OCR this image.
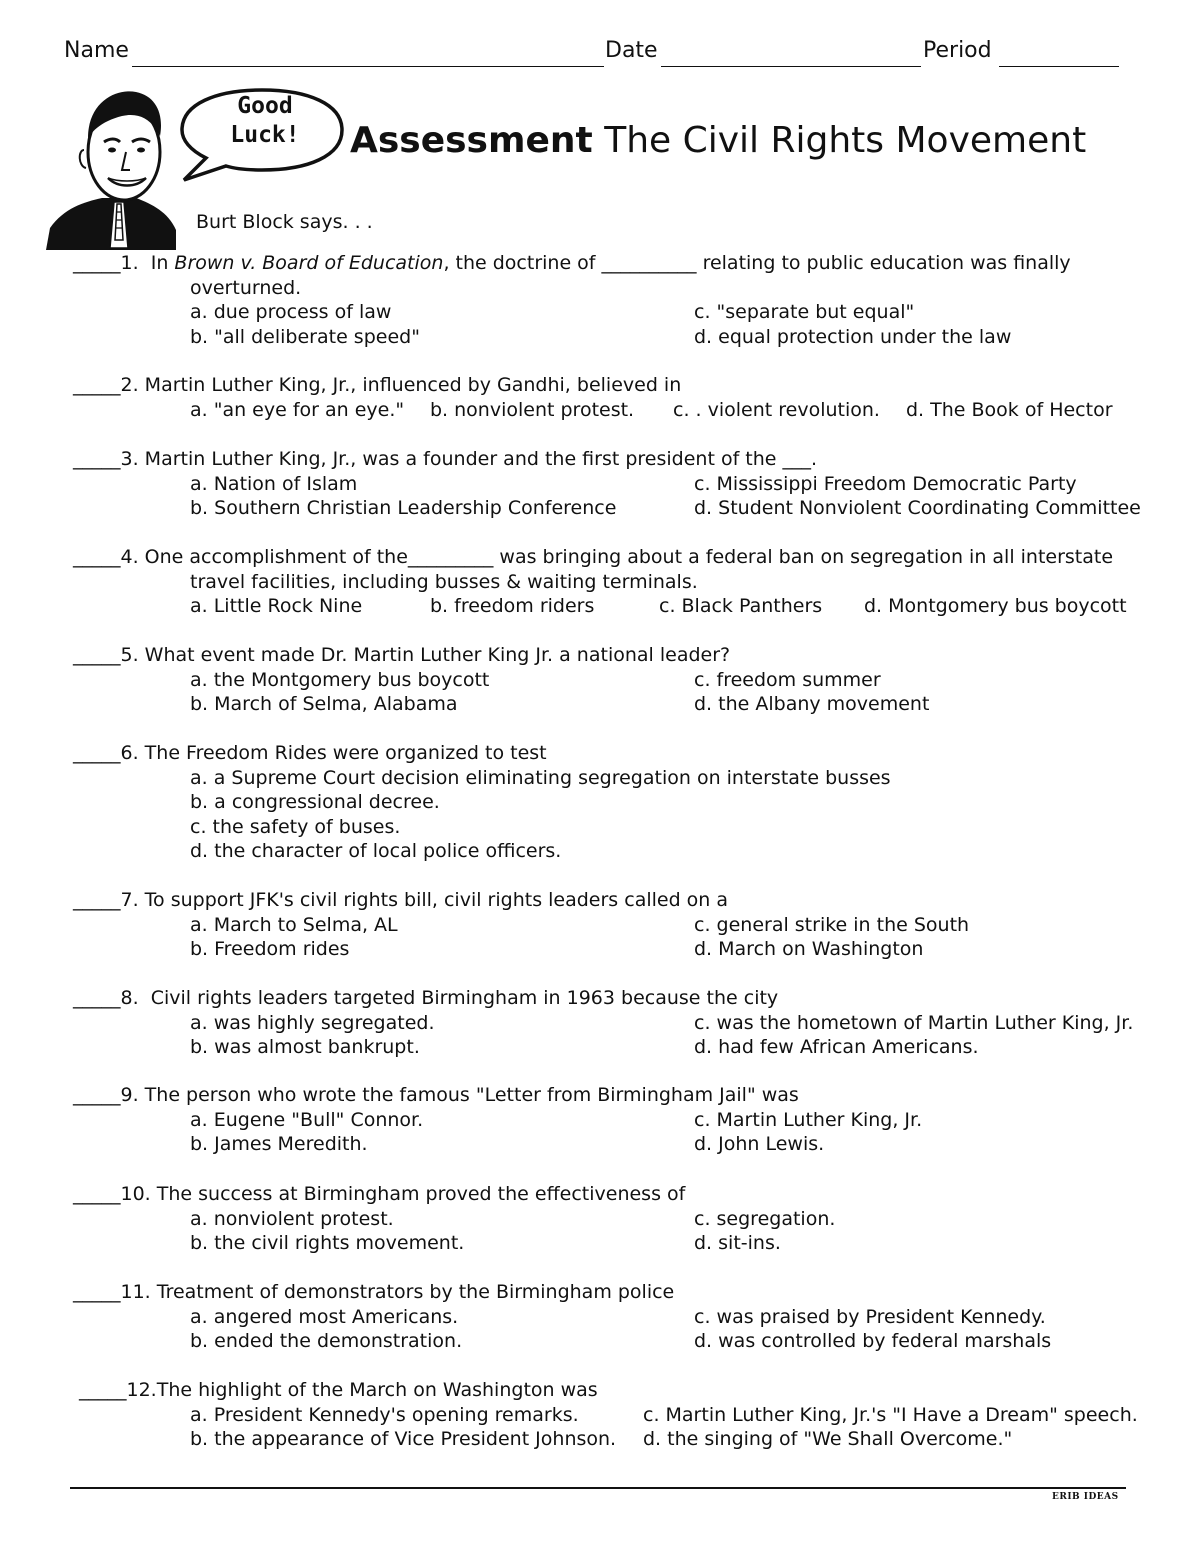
Name	Date	Period
Good
Luck!	Assessment The Civil Rights Movement
Burt Block says. . .
_____1.  In Brown v. Board of Education, the doctrine of __________ relating to public education was finally
overturned.
a. due process of law
b. "all deliberate speed"
c. "separate but equal"
d. equal protection under the law
_____2. Martin Luther King, Jr., influenced by Gandhi, believed in
a. "an eye for an eye." b. nonviolent protest. c. . violent revolution. d. The Book of Hector
_____3. Martin Luther King, Jr., was a founder and the first president of the ___.
a. Nation of Islam
b. Southern Christian Leadership Conference
c. Mississippi Freedom Democratic Party
d. Student Nonviolent Coordinating Committee
_____4. One accomplishment of the_________ was bringing about a federal ban on segregation in all interstate
travel facilities, including busses & waiting terminals.
a. Little Rock Nine	b. freedom riders	c. Black Panthers d. Montgomery bus boycott
_____5. What event made Dr. Martin Luther King Jr. a national leader?
a. the Montgomery bus boycott
b. March of Selma, Alabama
c. freedom summer
d. the Albany movement
_____6. The Freedom Rides were organized to test
a. a Supreme Court decision eliminating segregation on interstate busses
b. a congressional decree.
c. the safety of buses.
d. the character of local police officers.
_____7. To support JFK's civil rights bill, civil rights leaders called on a
a. March to Selma, AL
b. Freedom rides
c. general strike in the South
d. March on Washington
_____8.  Civil rights leaders targeted Birmingham in 1963 because the city
a. was highly segregated.
b. was almost bankrupt.
c. was the hometown of Martin Luther King, Jr.
d. had few African Americans.
_____9. The person who wrote the famous "Letter from Birmingham Jail" was
a. Eugene "Bull" Connor.
b. James Meredith.
c. Martin Luther King, Jr.
d. John Lewis.
_____10. The success at Birmingham proved the effectiveness of
a. nonviolent protest.
b. the civil rights movement.
c. segregation.
d. sit-ins.
_____11. Treatment of demonstrators by the Birmingham police
a. angered most Americans.
b. ended the demonstration.
c. was praised by President Kennedy.
d. was controlled by federal marshals
_____12.The highlight of the March on Washington was
a. President Kennedy's opening remarks.
b. the appearance of Vice President Johnson.
c. Martin Luther King, Jr.'s "I Have a Dream" speech.
d. the singing of "We Shall Overcome."
ERIB IDEAS
